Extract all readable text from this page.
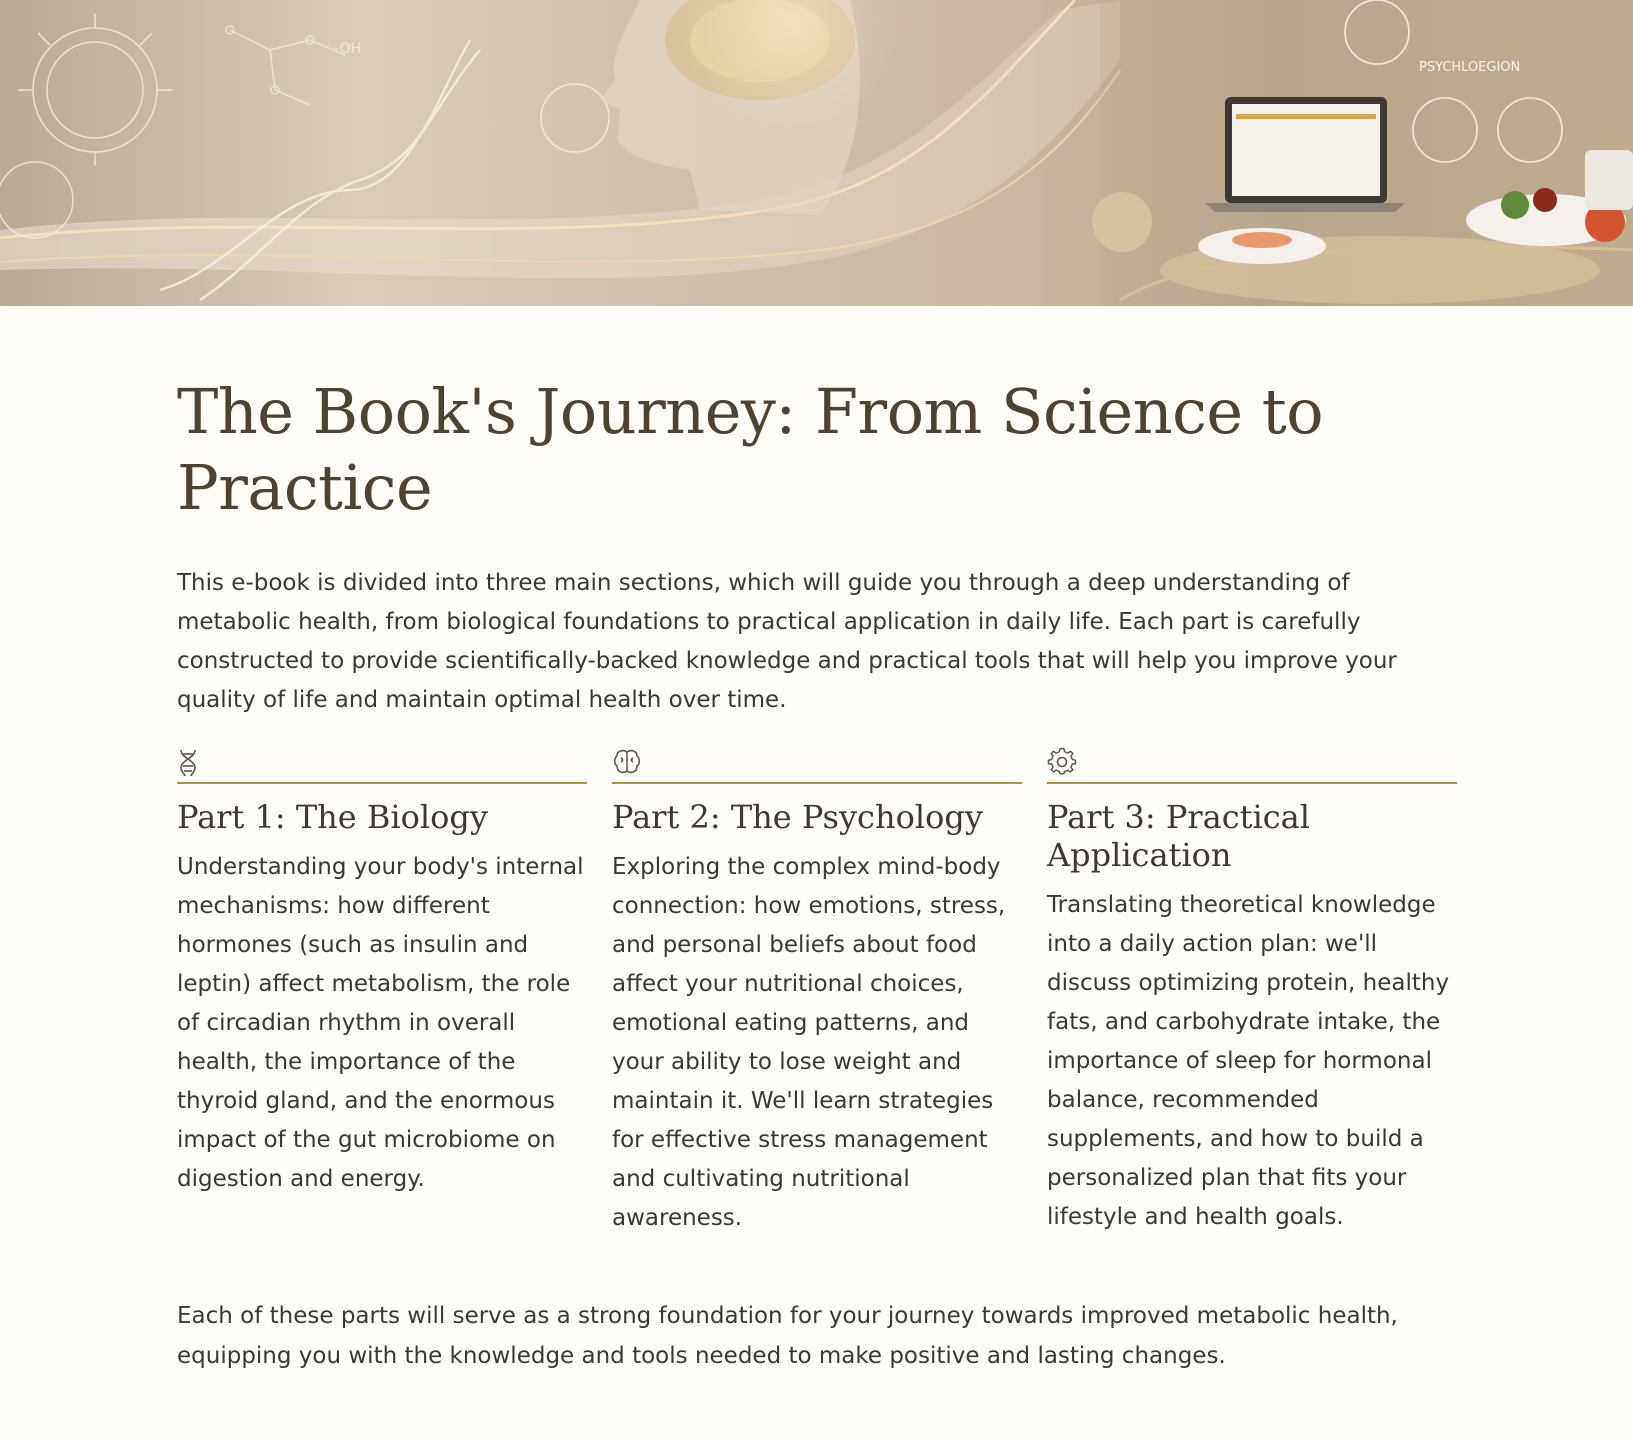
-OH
PSYCHLOEGION
The Book's Journey: From Science to Practice

This e-book is divided into three main sections, which will guide you through a deep understanding of metabolic health, from biological foundations to practical application in daily life. Each part is carefully constructed to provide scientifically-backed knowledge and practical tools that will help you improve your quality of life and maintain optimal health over time.

Part 1: The Biology

Understanding your body's internal mechanisms: how different hormones (such as insulin and leptin) affect metabolism, the role of circadian rhythm in overall health, the importance of the thyroid gland, and the enormous impact of the gut microbiome on digestion and energy.

Part 2: The Psychology

Exploring the complex mind-body connection: how emotions, stress, and personal beliefs about food affect your nutritional choices, emotional eating patterns, and your ability to lose weight and maintain it. We'll learn strategies for effective stress management and cultivating nutritional awareness.

Part 3: Practical Application

Translating theoretical knowledge into a daily action plan: we'll discuss optimizing protein, healthy fats, and carbohydrate intake, the importance of sleep for hormonal balance, recommended supplements, and how to build a personalized plan that fits your lifestyle and health goals.

Each of these parts will serve as a strong foundation for your journey towards improved metabolic health, equipping you with the knowledge and tools needed to make positive and lasting changes.
